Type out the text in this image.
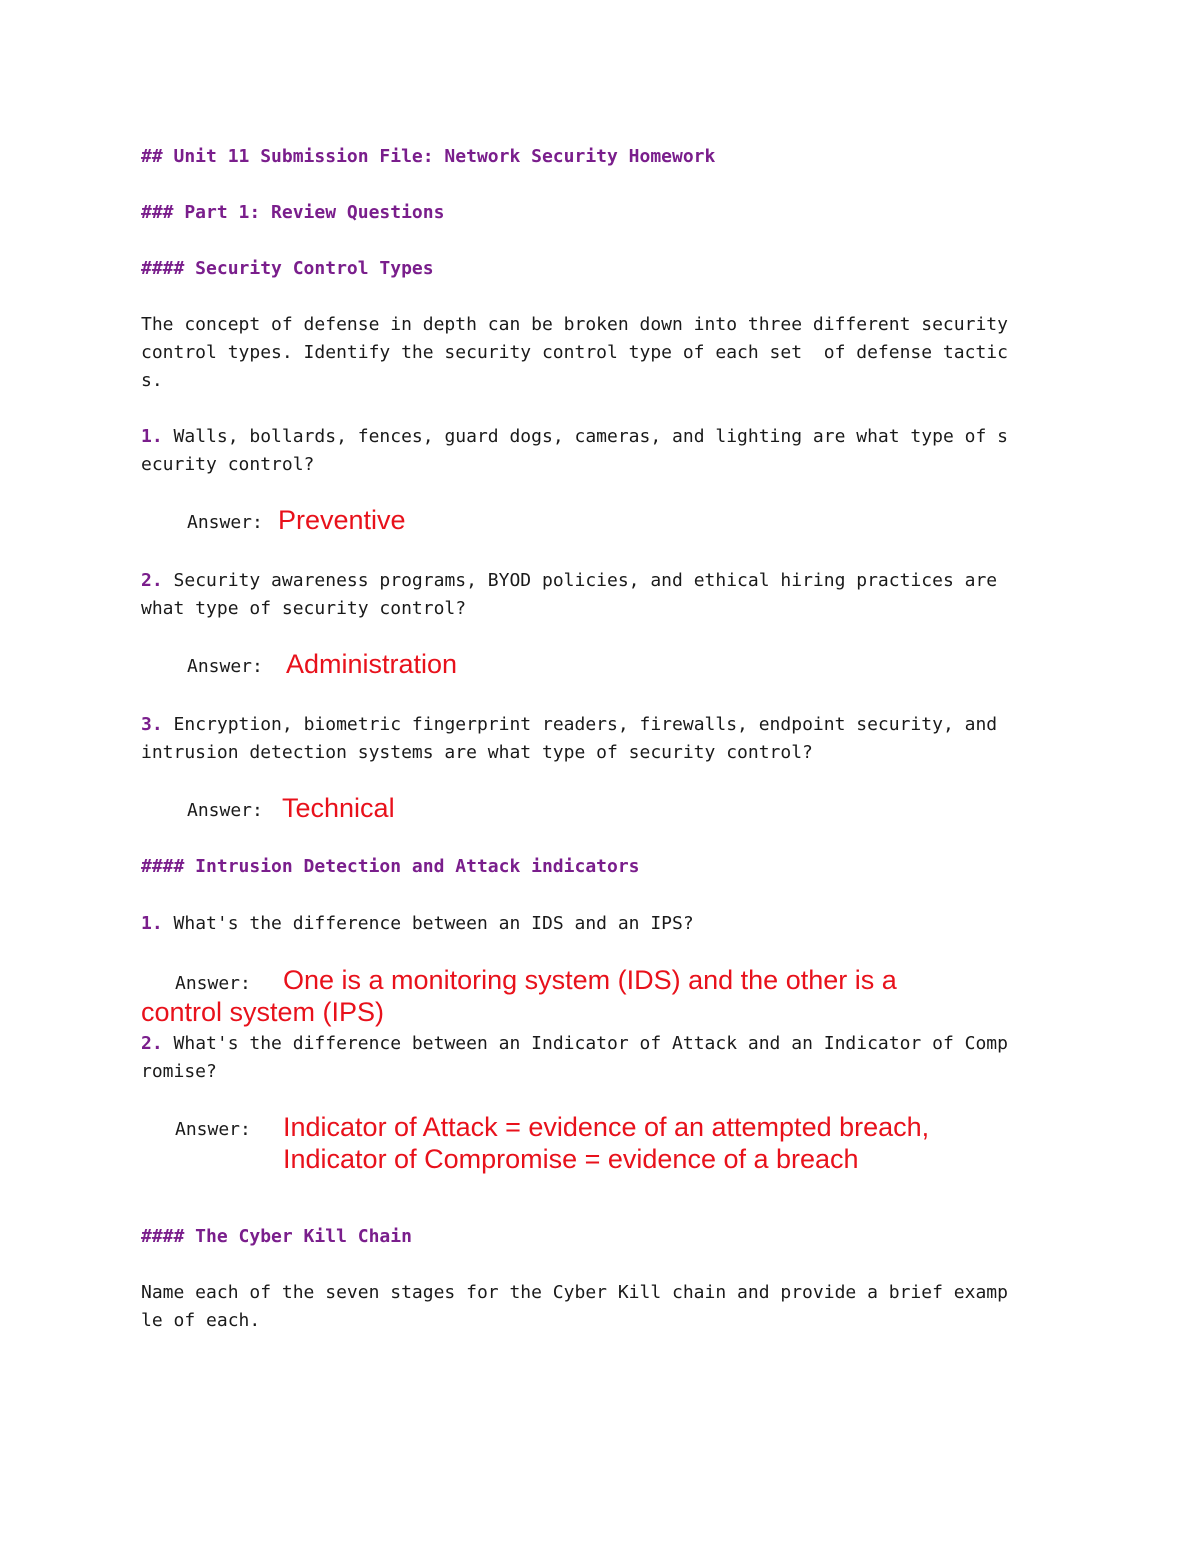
## Unit 11 Submission File: Network Security Homework
### Part 1: Review Questions
#### Security Control Types
The concept of defense in depth can be broken down into three different security
control types. Identify the security control type of each set  of defense tactic
s.
1. Walls, bollards, fences, guard dogs, cameras, and lighting are what type of s
ecurity control?
Answer: Preventive
2. Security awareness programs, BYOD policies, and ethical hiring practices are
what type of security control?
Answer: Administration
3. Encryption, biometric fingerprint readers, firewalls, endpoint security, and
intrusion detection systems are what type of security control?
Answer: Technical
#### Intrusion Detection and Attack indicators
1. What's the difference between an IDS and an IPS?
Answer: One is a monitoring system (IDS) and the other is a
control system (IPS)
2. What's the difference between an Indicator of Attack and an Indicator of Comp
romise?
Answer: Indicator of Attack = evidence of an attempted breach,
Indicator of Compromise = evidence of a breach
#### The Cyber Kill Chain
Name each of the seven stages for the Cyber Kill chain and provide a brief examp
le of each.
